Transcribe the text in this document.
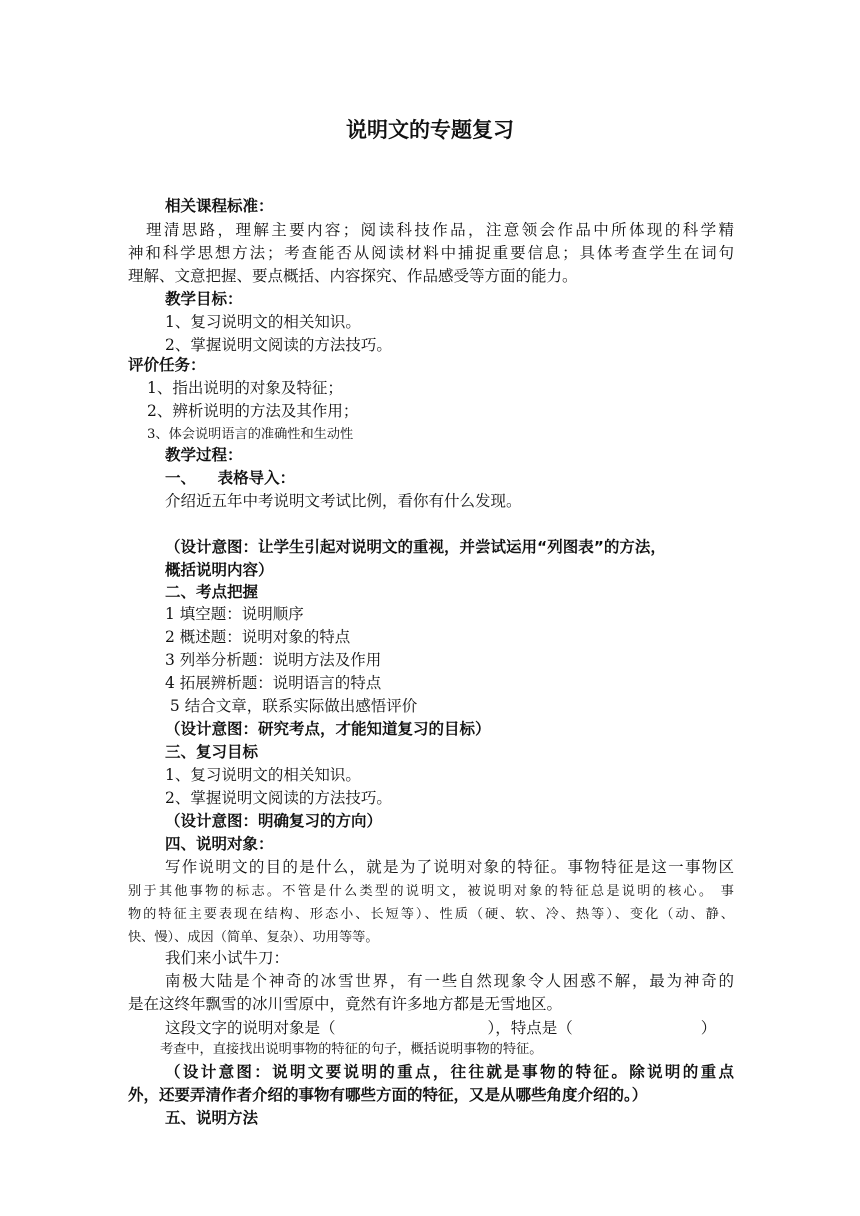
说明文的专题复习
相关课程标准：
理清思路，理解主要内容；阅读科技作品，注意领会作品中所体现的科学精
神和科学思想方法；考查能否从阅读材料中捕捉重要信息；具体考查学生在词句
理解、文意把握、要点概括、内容探究、作品感受等方面的能力。
教学目标：
1、复习说明文的相关知识。
2、掌握说明文阅读的方法技巧。
评价任务：
1、指出说明的对象及特征；
2、辨析说明的方法及其作用；
3、体会说明语言的准确性和生动性
教学过程：
一、    表格导入：
介绍近五年中考说明文考试比例，看你有什么发现。
（设计意图：让学生引起对说明文的重视，并尝试运用“列图表”的方法，
概括说明内容）
二、考点把握
1 填空题：说明顺序
2 概述题：说明对象的特点
3 列举分析题：说明方法及作用
4 拓展辨析题：说明语言的特点
5 结合文章，联系实际做出感悟评价
（设计意图：研究考点，才能知道复习的目标）
三、复习目标
1、复习说明文的相关知识。
2、掌握说明文阅读的方法技巧。
（设计意图：明确复习的方向）
四、说明对象：
写作说明文的目的是什么，就是为了说明对象的特征。事物特征是这一事物区
别于其他事物的标志。不管是什么类型的说明文，被说明对象的特征总是说明的核心。 事
物的特征主要表现在结构、形态小、长短等）、性质（硬、软、冷、热等）、变化（动、静、
快、慢）、成因（简单、复杂）、功用等等。
我们来小试牛刀：
南极大陆是个神奇的冰雪世界，有一些自然现象令人困惑不解，最为神奇的
是在这终年飘雪的冰川雪原中，竟然有许多地方都是无雪地区。
这段文字的说明对象是（	），特点是（	）
考查中，直接找出说明事物的特征的句子，概括说明事物的特征。
（设计意图：说明文要说明的重点，往往就是事物的特征。除说明的重点
外，还要弄清作者介绍的事物有哪些方面的特征，又是从哪些角度介绍的。）
五、说明方法
